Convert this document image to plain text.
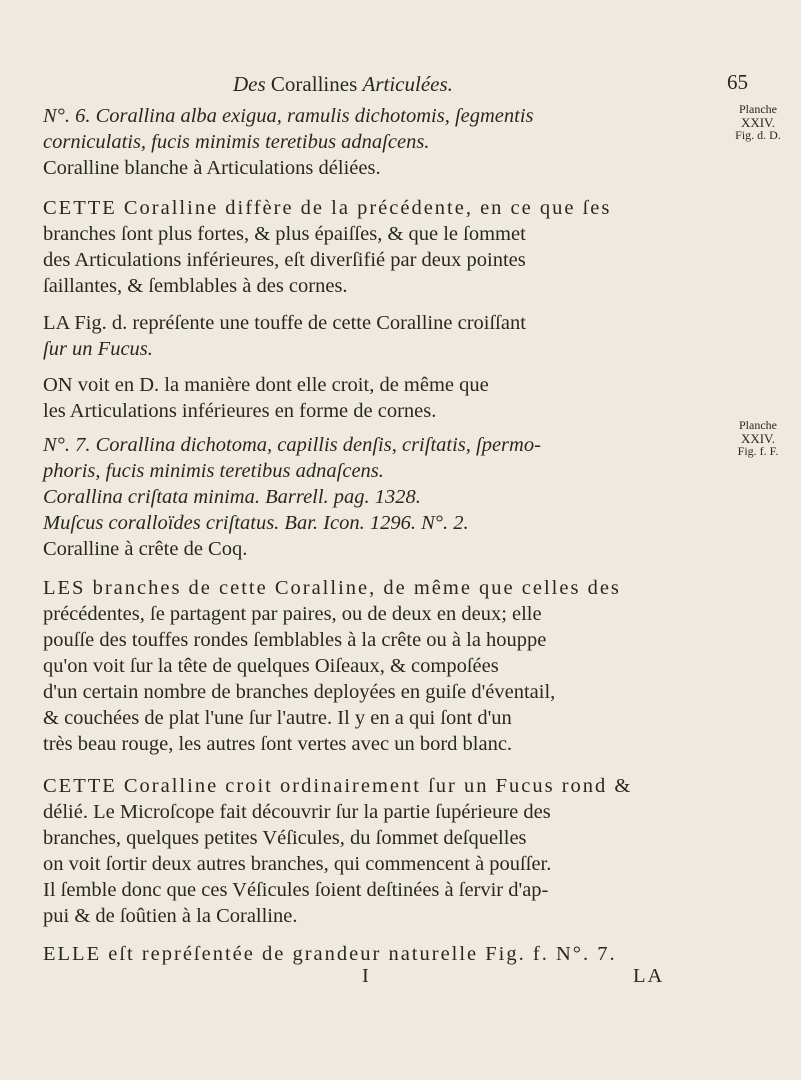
Des Corallines Articulées.	65
Planche
XXIV.
Fig. d. D.
Planche
XXIV.
Fig. f. F.
N°. 6. Corallina alba exigua, ramulis dichotomis, ſegmentis
corniculatis, fucis minimis teretibus adnaſcens.
Coralline blanche à Articulations déliées.
CETTE Coralline diffère de la précédente, en ce que ſes
branches ſont plus fortes, & plus épaiſſes, & que le ſommet
des Articulations inférieures, eſt diverſifié par deux pointes
ſaillantes, & ſemblables à des cornes.
LA Fig. d. repréſente une touffe de cette Coralline croiſſant
ſur un Fucus.
ON voit en D. la manière dont elle croit, de même que
les Articulations inférieures en forme de cornes.
N°. 7. Corallina dichotoma, capillis denſis, criſtatis, ſpermo-
phoris, fucis minimis teretibus adnaſcens.
Corallina criſtata minima. Barrell. pag. 1328.
Muſcus coralloïdes criſtatus. Bar. Icon. 1296. N°. 2.
Coralline à crête de Coq.
LES branches de cette Coralline, de même que celles des
précédentes, ſe partagent par paires, ou de deux en deux; elle
pouſſe des touffes rondes ſemblables à la crête ou à la houppe
qu'on voit ſur la tête de quelques Oiſeaux, & compoſées
d'un certain nombre de branches deployées en guiſe d'éventail,
& couchées de plat l'une ſur l'autre. Il y en a qui ſont d'un
très beau rouge, les autres ſont vertes avec un bord blanc.
CETTE Coralline croit ordinairement ſur un Fucus rond &
délié. Le Microſcope fait découvrir ſur la partie ſupérieure des
branches, quelques petites Véſicules, du ſommet deſquelles
on voit ſortir deux autres branches, qui commencent à pouſſer.
Il ſemble donc que ces Véſicules ſoient deſtinées à ſervir d'ap-
pui & de ſoûtien à la Coralline.
ELLE eſt repréſentée de grandeur naturelle Fig. f. N°. 7.
I	LA
